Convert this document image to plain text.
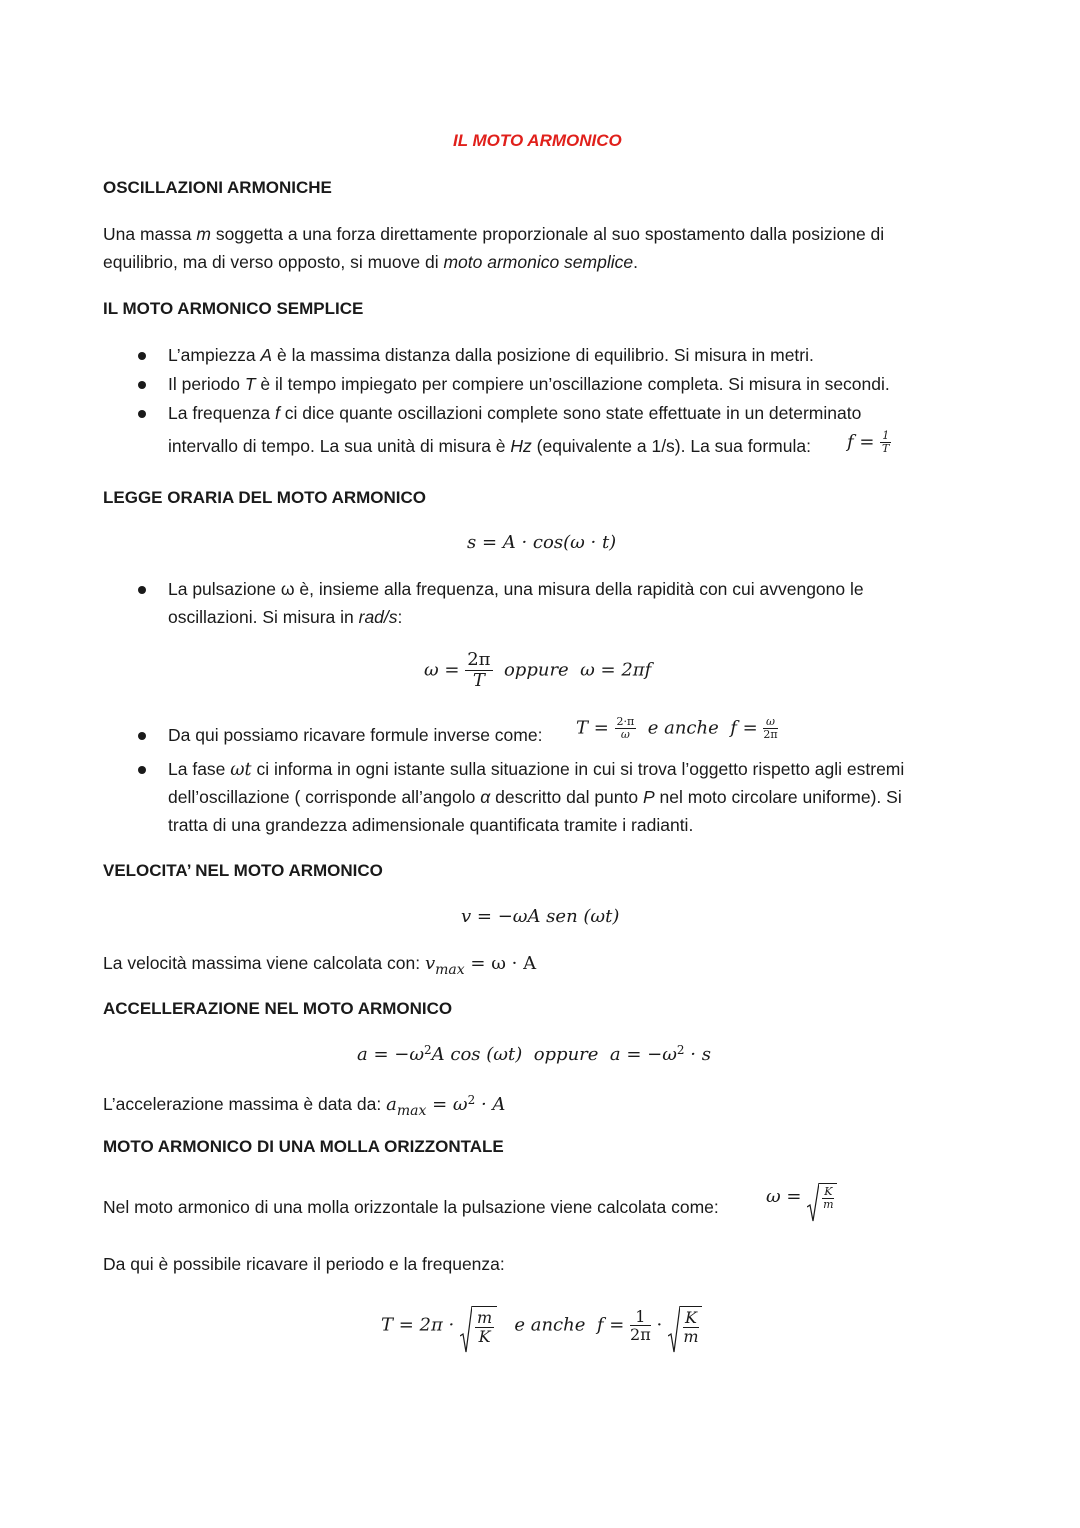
IL MOTO ARMONICO
OSCILLAZIONI ARMONICHE
Una massa m soggetta a una forza direttamente proporzionale al suo spostamento dalla posizione di
equilibrio, ma di verso opposto, si muove di moto armonico semplice.
IL MOTO ARMONICO SEMPLICE
L’ampiezza A è la massima distanza dalla posizione di equilibrio. Si misura in metri.
Il periodo T è il tempo impiegato per compiere un’oscillazione completa. Si misura in secondi.
La frequenza f ci dice quante oscillazioni complete sono state effettuate in un determinato
intervallo di tempo. La sua unità di misura è Hz (equivalente a 1/s). La sua formula: $f = \frac{1}{T}$
LEGGE ORARIA DEL MOTO ARMONICO
s = A · cos(ω · t)
La pulsazione ω è, insieme alla frequenza, una misura della rapidità con cui avvengono le
oscillazioni. Si misura in rad/s:
$\omega = \frac{2\pi}{T}$ oppure ω = 2πf
Da qui possiamo ricavare formule inverse come: $T = \frac{2\cdot\pi}{\omega}$ e anche $f = \frac{\omega}{2\pi}$
La fase ωt ci informa in ogni istante sulla situazione in cui si trova l’oggetto rispetto agli estremi
dell’oscillazione ( corrisponde all’angolo α descritto dal punto P nel moto circolare uniforme). Si
tratta di una grandezza adimensionale quantificata tramite i radianti.
VELOCITA’ NEL MOTO ARMONICO
v = −ωA sen (ωt)
La velocità massima viene calcolata con: $v_{max} = \omega \cdot A$
ACCELLERAZIONE NEL MOTO ARMONICO
$a = -\omega^2A$ cos (ωt) oppure $a = -\omega^2 \cdot s$
L’accelerazione massima è data da: $a_{max} = \omega^2 \cdot A$
MOTO ARMONICO DI UNA MOLLA ORIZZONTALE
Nel moto armonico di una molla orizzontale la pulsazione viene calcolata come:	$\omega = \frac{K}{m}$
Da qui è possibile ricavare il periodo e la frequenza:
$T = 2\pi \cdot \frac{m}{K}$ e anche $f = \frac{1}{2\pi} \cdot \frac{K}{m}$
